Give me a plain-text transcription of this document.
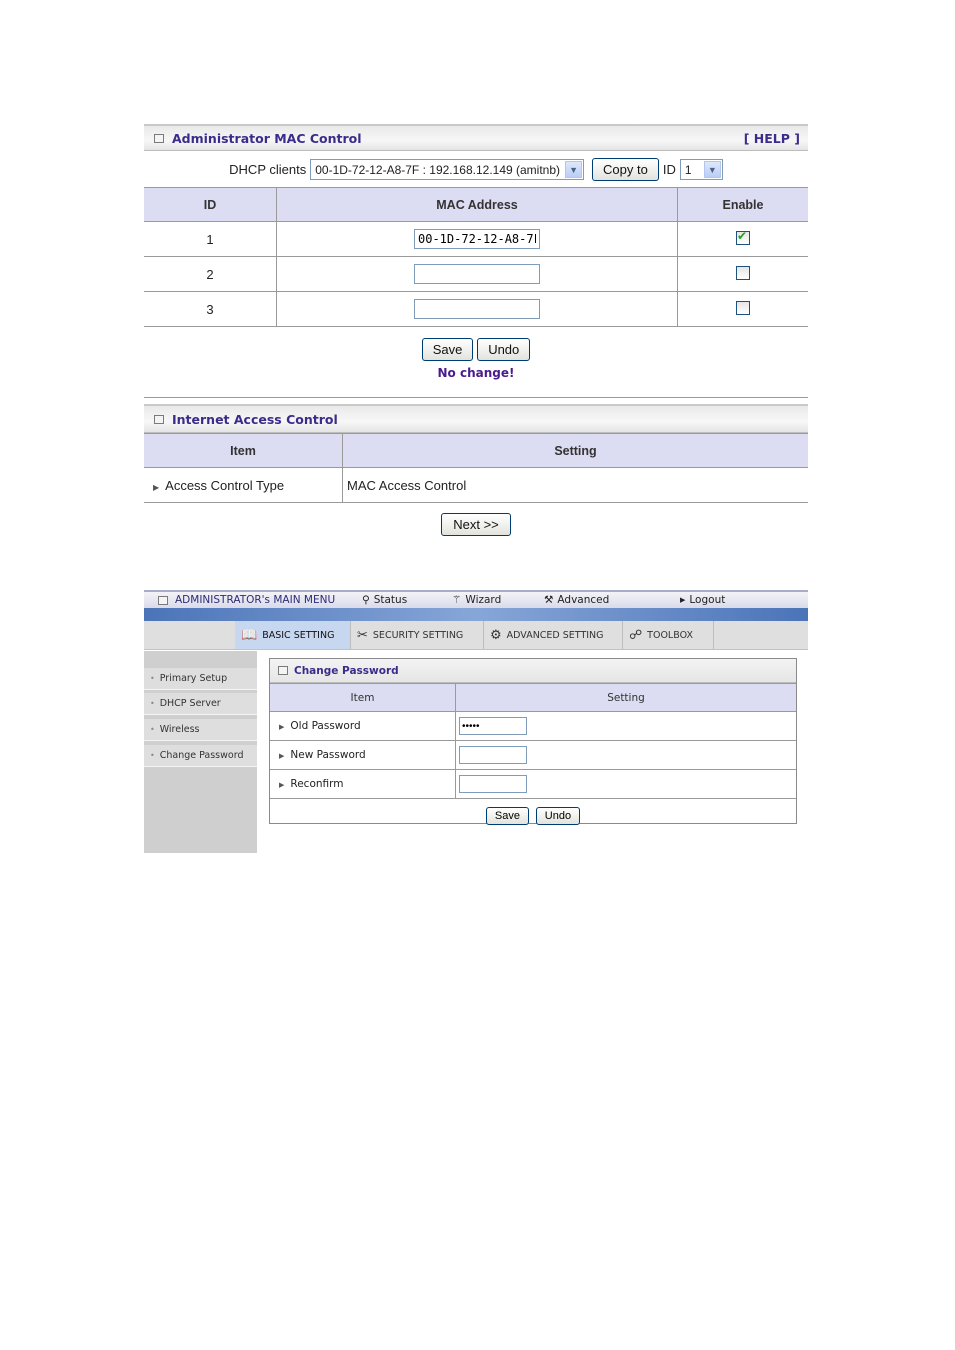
Administrator MAC Control	[ HELP ]
DHCP clients 00-1D-72-12-A8-7F : 192.168.12.149 (amitnb)	▼	Copy to	ID 1	▼
ID	MAC Address	Enable
1	00-1D-72-12-A8-7F	✔
2		
3		
Save Undo
No change!
Internet Access Control
Item	Setting
▶ Access Control Type	MAC Access Control
Next >>
ADMINISTRATOR's MAIN MENU	⚲ Status	⚚ Wizard	⚒ Advanced	▶ Logout
📖 BASIC SETTING ✂ SECURITY SETTING ⚙ ADVANCED SETTING ☍ TOOLBOX
• Primary Setup
• DHCP Server
• Wireless
• Change Password
Change Password
Item	Setting
▶ Old Password	•••••
▶ New Password	
▶ Reconfirm	
Save Undo
